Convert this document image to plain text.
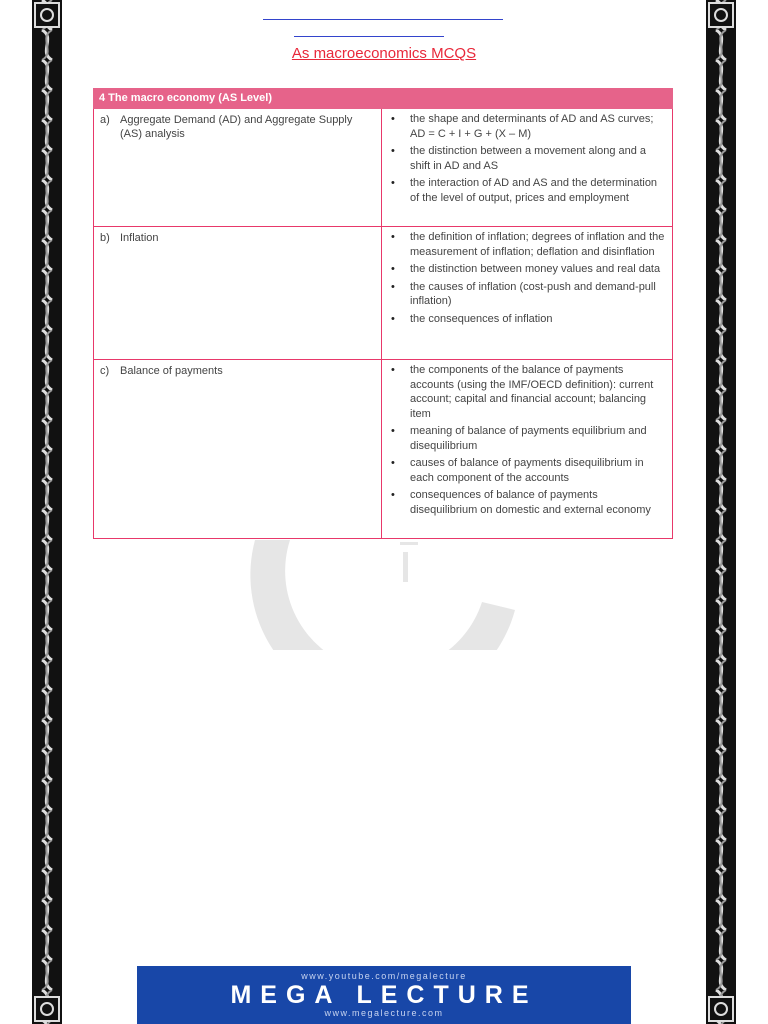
As macroeconomics MCQS
4 The macro economy (AS Level)
a) Aggregate Demand (AD) and Aggregate Supply (AS) analysis
• the shape and determinants of AD and AS curves; AD = C + I + G + (X – M)
• the distinction between a movement along and a shift in AD and AS
• the interaction of AD and AS and the determination of the level of output, prices and employment
b) Inflation	• the definition of inflation; degrees of inflation and the measurement of inflation; deflation and disinflation
• the distinction between money values and real data
• the causes of inflation (cost-push and demand-pull inflation)
• the consequences of inflation
c) Balance of payments	• the components of the balance of payments accounts (using the IMF/OECD definition): current account; capital and financial account; balancing item
• meaning of balance of payments equilibrium and disequilibrium
• causes of balance of payments disequilibrium in each component of the accounts
• consequences of balance of payments disequilibrium on domestic and external economy
www.youtube.com/megalecture
MEGA LECTURE
www.megalecture.com
